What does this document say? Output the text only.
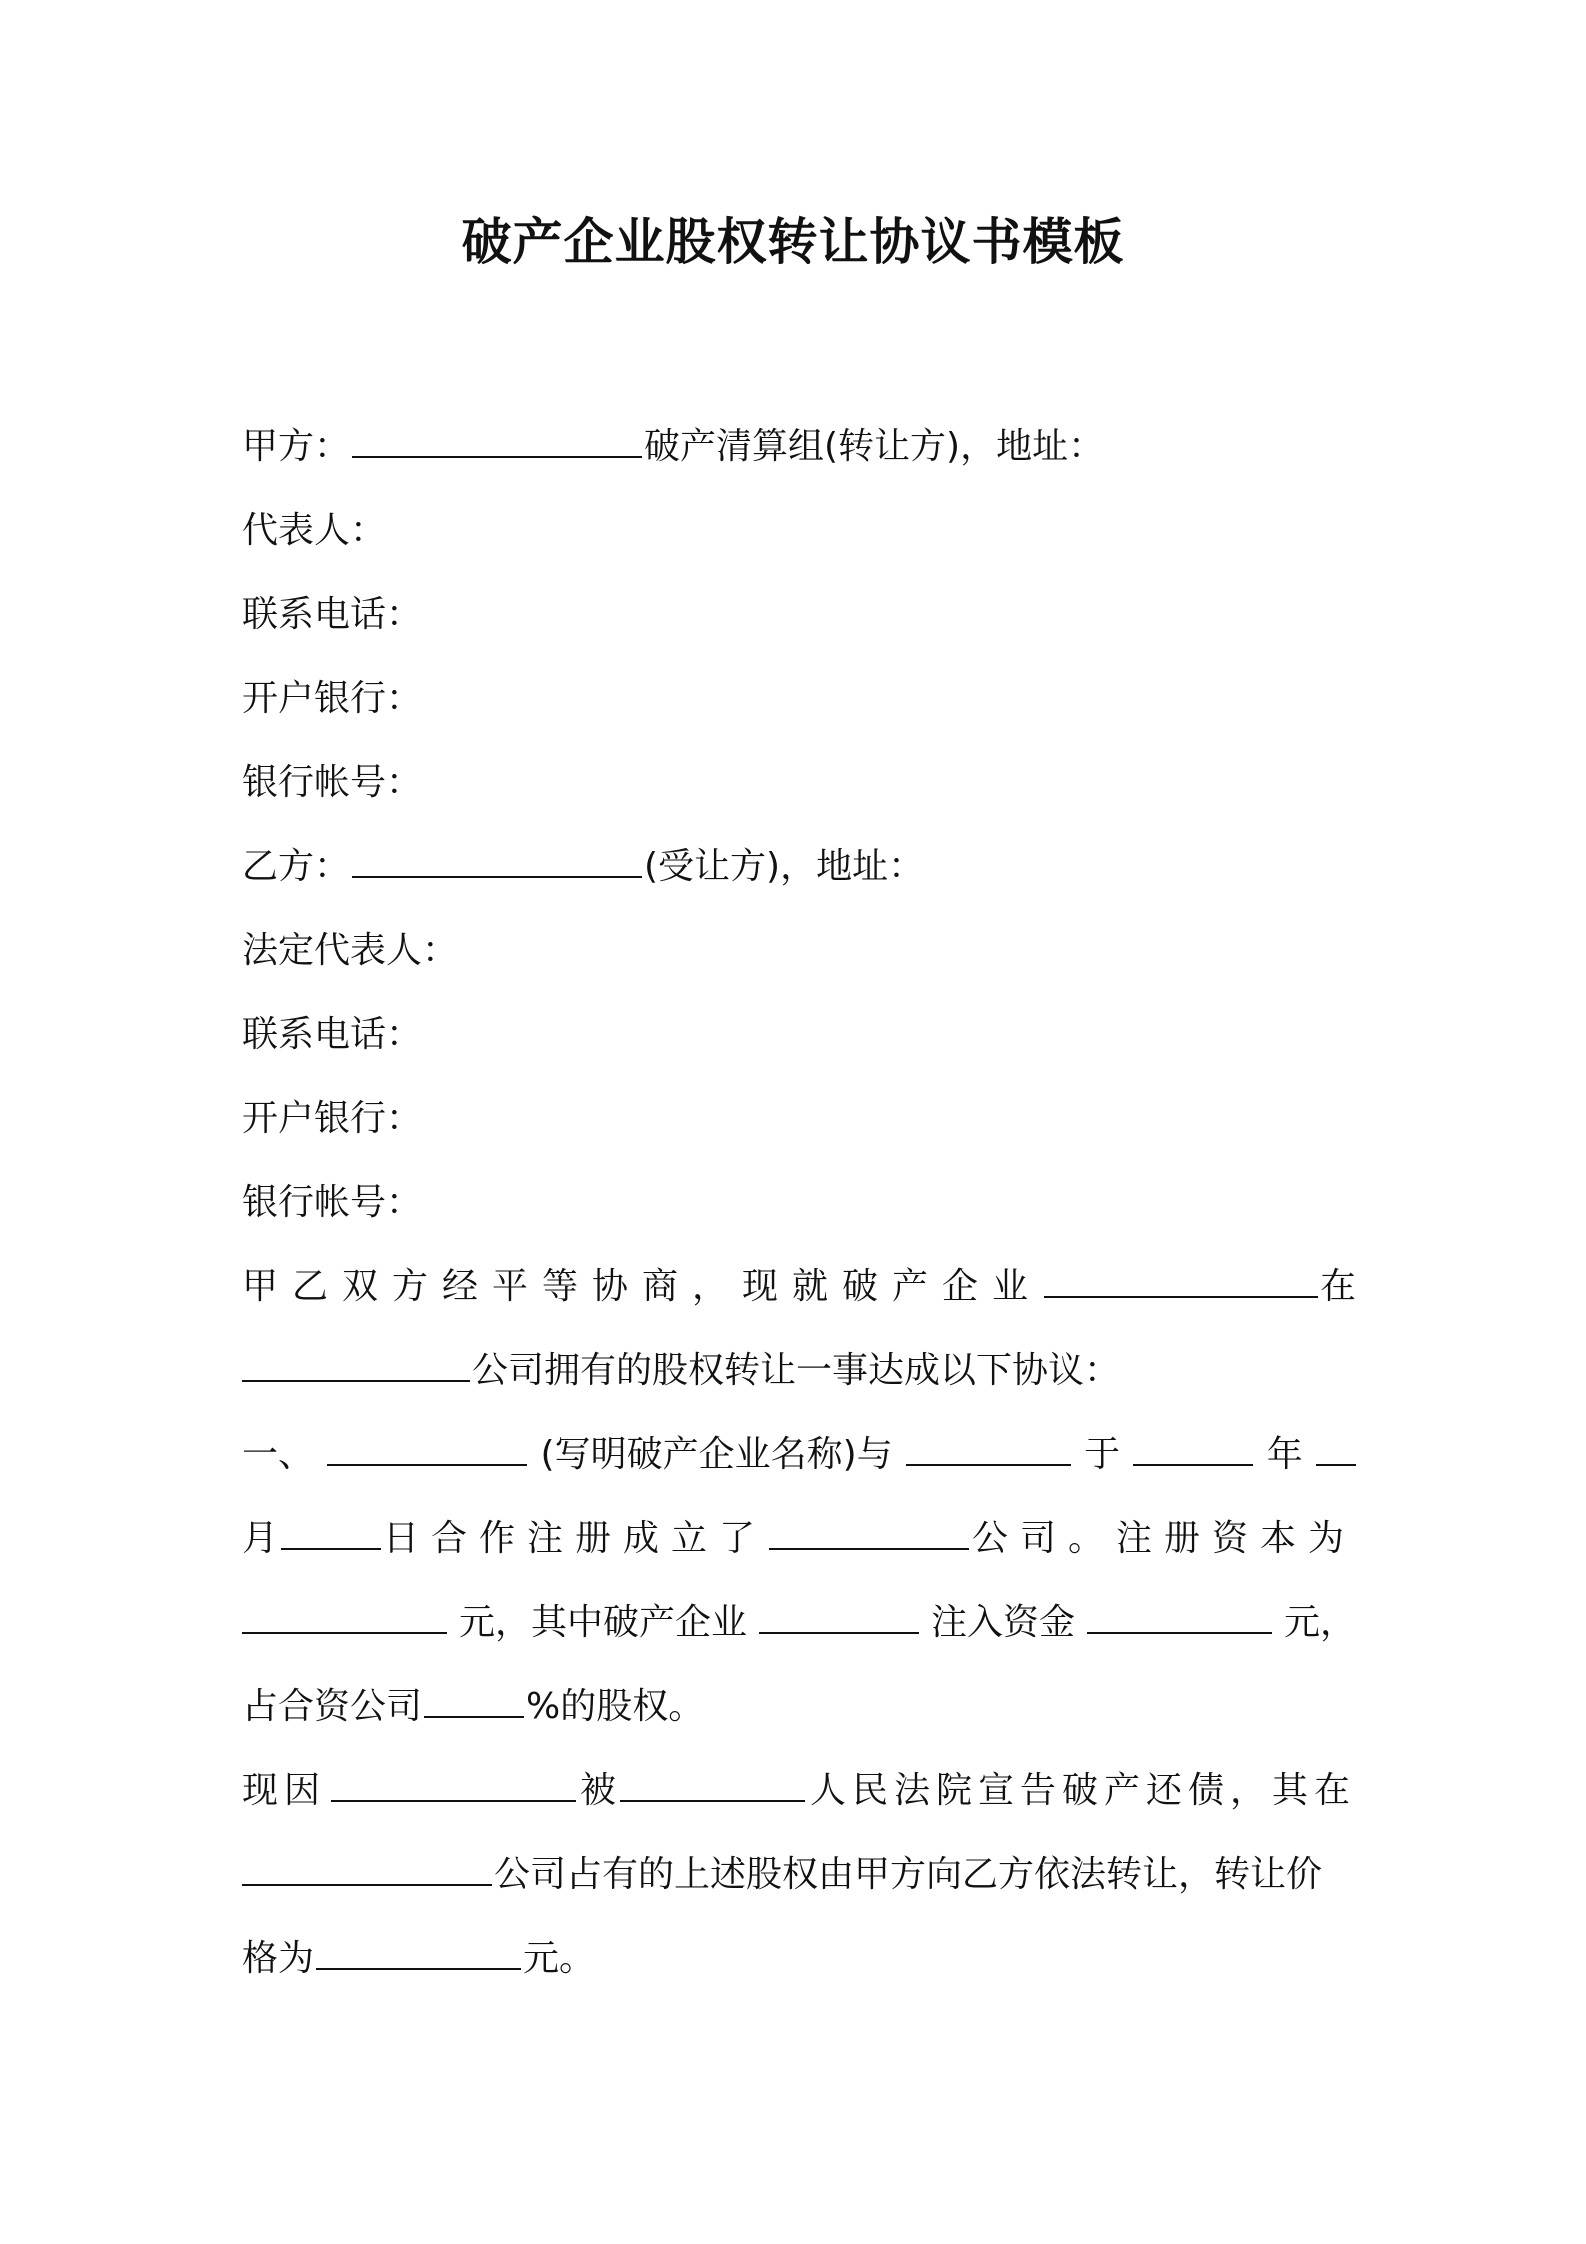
破产企业股权转让协议书模板
甲方：	破产清算组(转让方)，地址：
代表人：
联系电话：
开户银行：
银行帐号：
乙方：	(受让方)，地址：
法定代表人：
联系电话：
开户银行：
银行帐号：
甲乙双方经平等协商，现就破产企业	在
公司拥有的股权转让一事达成以下协议：
一、	(写明破产企业名称)与	于	年
月	日合作注册成立了	公司。注册资本为
元，其中破产企业	注入资金	元，
占合资公司	%的股权。
现因	被	人民法院宣告破产还债，其在
公司占有的上述股权由甲方向乙方依法转让，转让价
格为	元。
